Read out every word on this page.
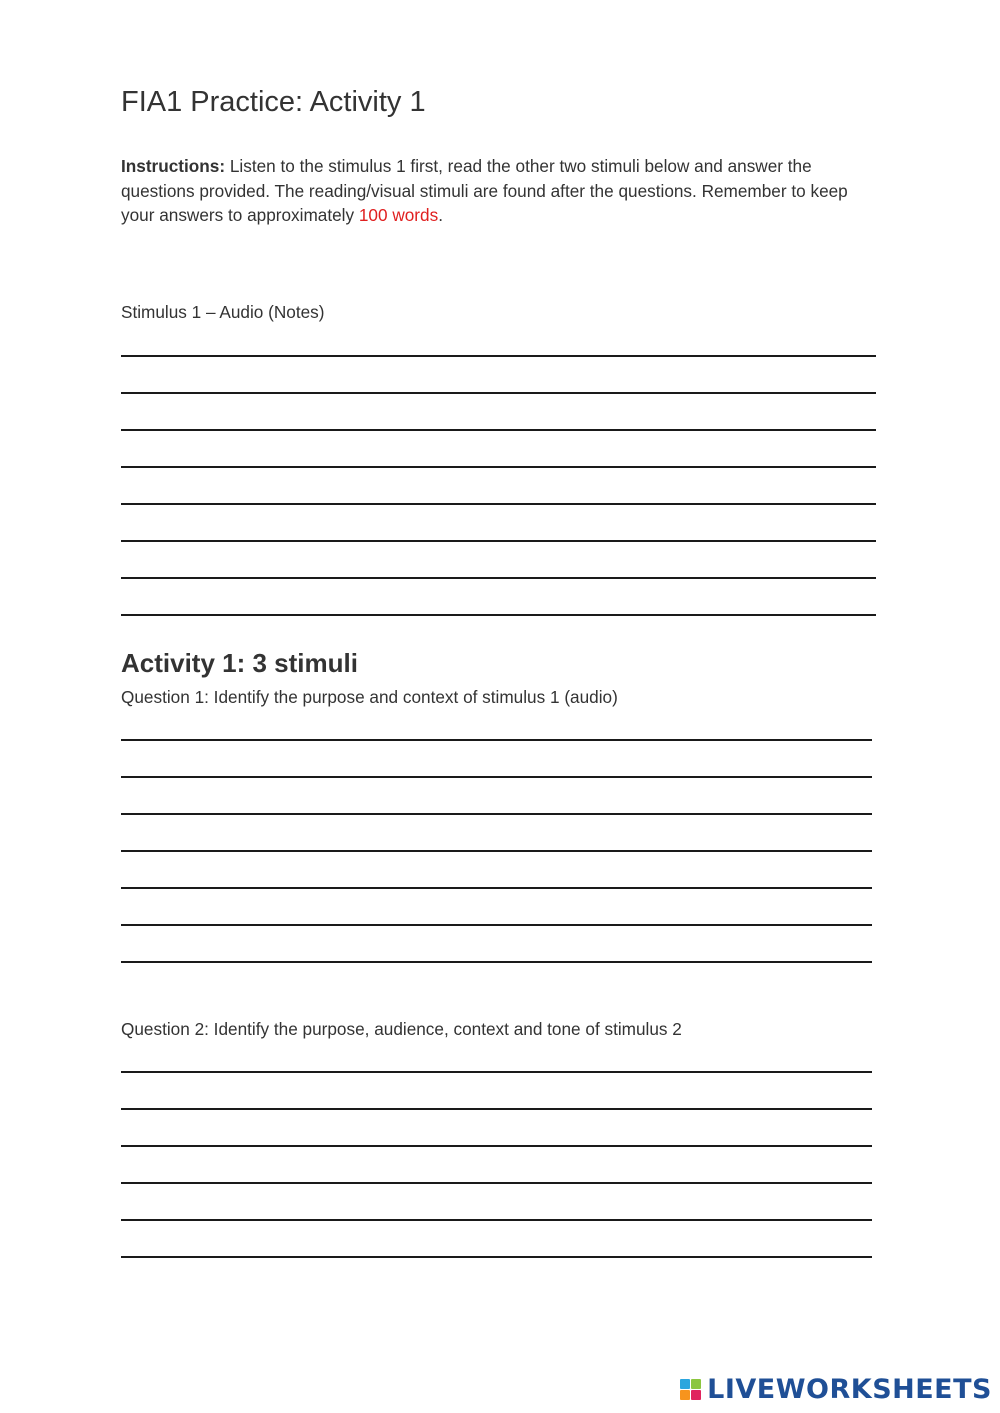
FIA1 Practice: Activity 1

Instructions: Listen to the stimulus 1 first, read the other two stimuli below and answer the questions provided. The reading/visual stimuli are found after the questions. Remember to keep your answers to approximately 100 words.

Stimulus 1 – Audio (Notes)

Activity 1: 3 stimuli

Question 1: Identify the purpose and context of stimulus 1 (audio)

Question 2: Identify the purpose, audience, context and tone of stimulus 2

LIVEWORKSHEETS
